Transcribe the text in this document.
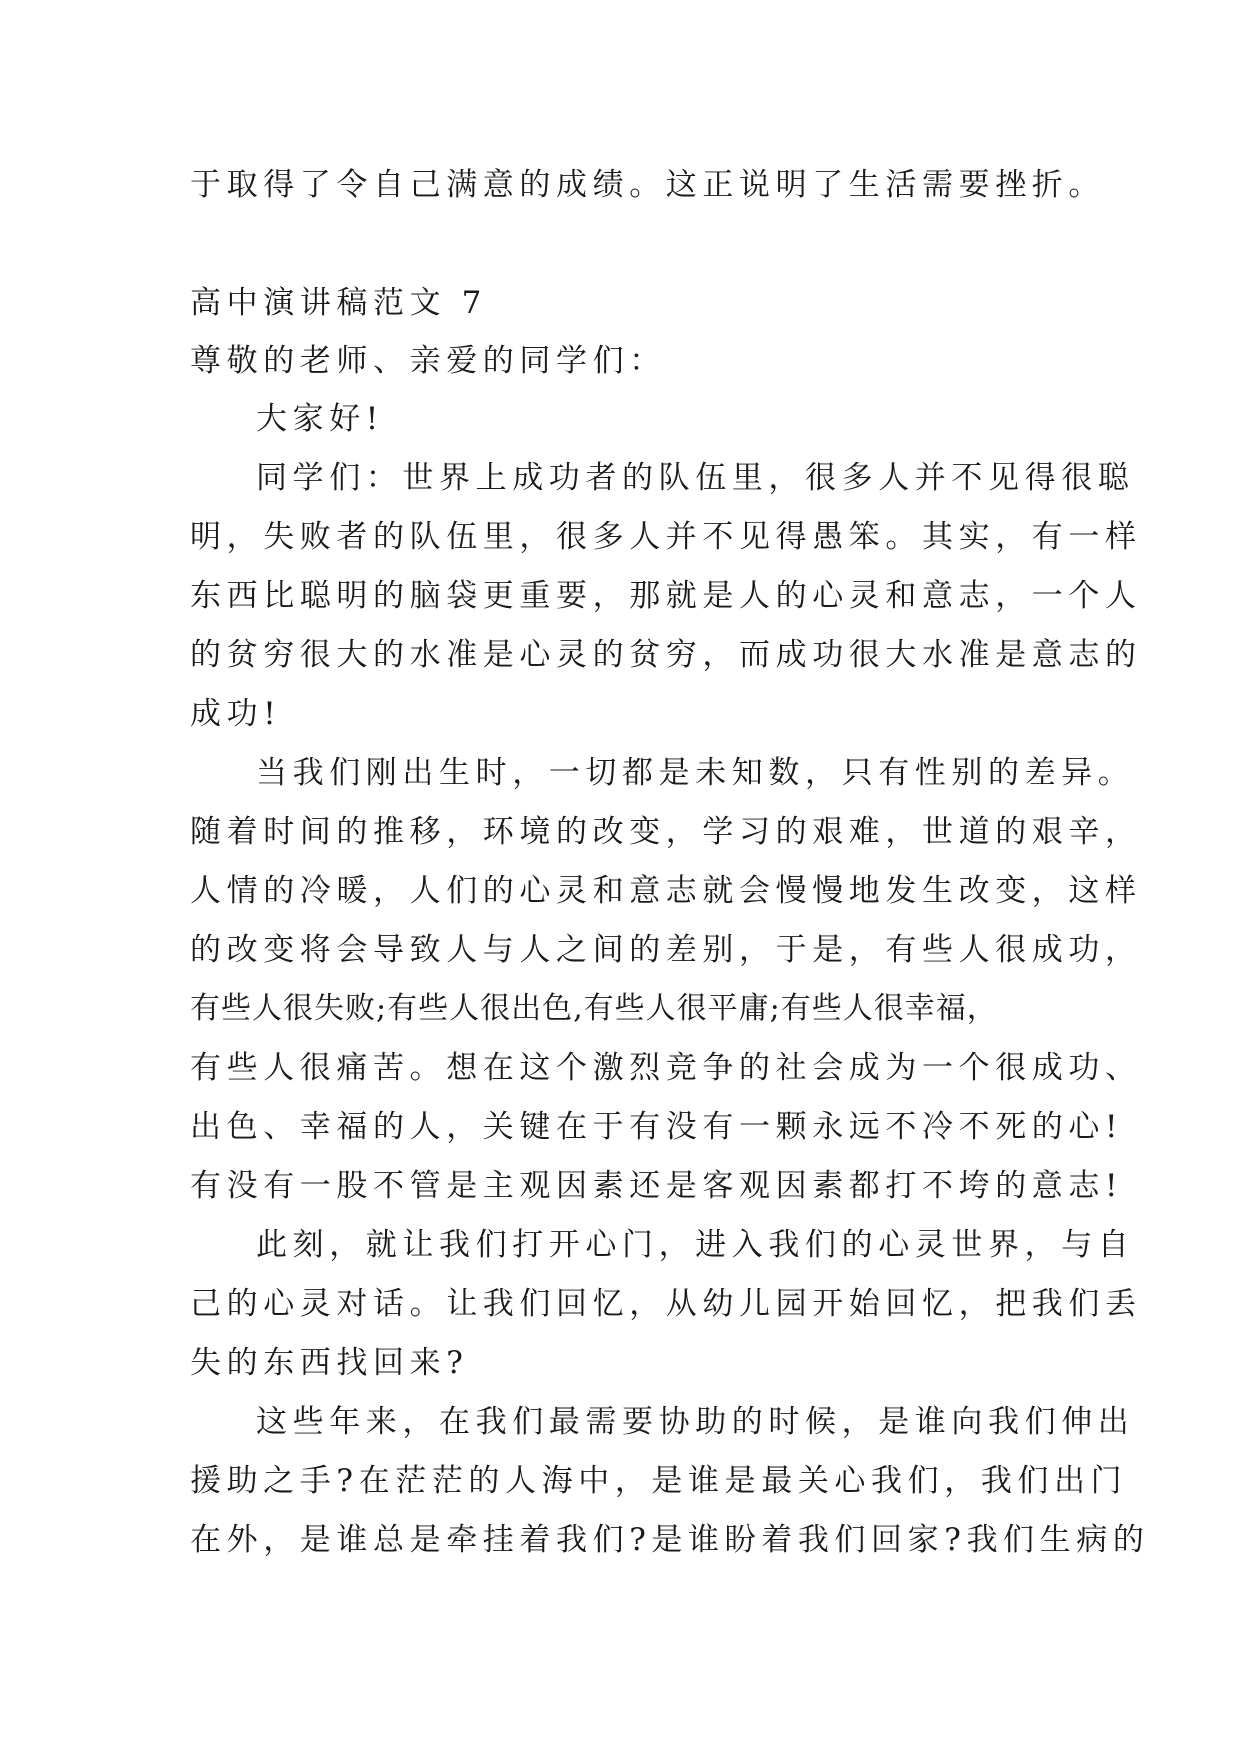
于取得了令自己满意的成绩。这正说明了生活需要挫折。
高中演讲稿范文 7
尊敬的老师、亲爱的同学们：
大家好!
同学们：世界上成功者的队伍里，很多人并不见得很聪
明，失败者的队伍里，很多人并不见得愚笨。其实，有一样
东西比聪明的脑袋更重要，那就是人的心灵和意志，一个人
的贫穷很大的水准是心灵的贫穷，而成功很大水准是意志的
成功!
当我们刚出生时，一切都是未知数，只有性别的差异。
随着时间的推移，环境的改变，学习的艰难，世道的艰辛，
人情的冷暖，人们的心灵和意志就会慢慢地发生改变，这样
的改变将会导致人与人之间的差别，于是，有些人很成功，
有些人很失败;有些人很出色,有些人很平庸;有些人很幸福，
有些人很痛苦。想在这个激烈竞争的社会成为一个很成功、
出色、幸福的人，关键在于有没有一颗永远不冷不死的心!
有没有一股不管是主观因素还是客观因素都打不垮的意志!
此刻，就让我们打开心门，进入我们的心灵世界，与自
己的心灵对话。让我们回忆，从幼儿园开始回忆，把我们丢
失的东西找回来?
这些年来，在我们最需要协助的时候，是谁向我们伸出
援助之手?在茫茫的人海中，是谁是最关心我们，我们出门
在外，是谁总是牵挂着我们?是谁盼着我们回家?我们生病的
